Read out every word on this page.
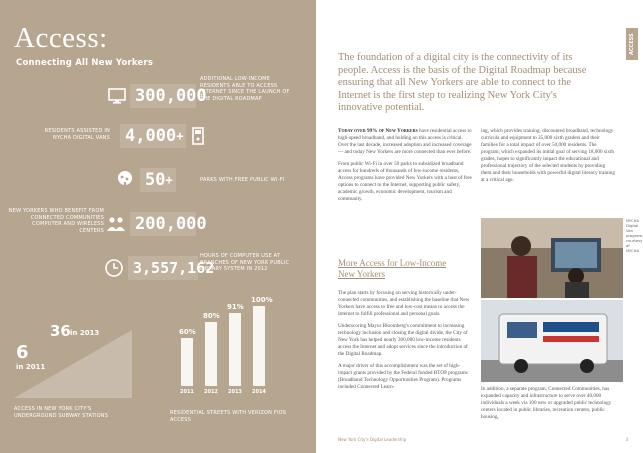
Access:
Connecting All New Yorkers
ADDITIONAL LOW-INCOME RESIDENTS ABLE TO ACCESS INTERNET SINCE THE LAUNCH OF THE DIGITAL ROADMAP
300,000
RESIDENTS ASSISTED IN NYCHA DIGITAL VANS 4,000+
50+	PARKS WITH FREE PUBLIC WI-FI
NEW YORKERS WHO BENEFIT FROM CONNECTED COMMUNITIES COMPUTER AND WIRELESS CENTERS 200,000
3,557,162
HOURS OF COMPUTER USE AT BRANCHES OF NEW YORK PUBLIC LIBRARY SYSTEM IN 2012
36 in 2013
6
in 2011
ACCESS IN NEW YORK CITY'S UNDERGROUND SUBWAY STATIONS
60%
2011
80%
2012
91%
2013
100%
2014
RESIDENTIAL STREETS WITH VERIZON FIOS ACCESS
ACCESS
The foundation of a digital city is the connectivity of its people. Access is the basis of the Digital Roadmap because ensuring that all New Yorkers are able to connect to the Internet is the first step to realizing New York City's innovative potential.

Today over 99% of New Yorkers have residential access to high-speed broadband, and holding on this access is critical. Over the last decade, increased adoption and increased coverage — and today New Yorkers are more connected than ever before.

From public Wi-Fi in over 50 parks to subsidized broadband access for hundreds of thousands of low-income residents, Access programs have provided New Yorkers with a host of free options to connect to the Internet, supporting public safety, academic growth, economic development, tourism and community.

ing, which provides training, discounted broadband, technology curricula and equipment to 35,000 sixth graders and their families for a total impact of over 50,000 residents. The program, which expanded its initial goal of serving 18,000 sixth grades, hopes to significantly impact the educational and professional trajectory of the selected students by providing them and their households with powerful digital literacy training at a critical age.

More Access for Low-Income New Yorkers

The plan starts by focusing on serving historically under-connected communities, and establishing the baseline that New Yorkers have access to free and low-cost means to access the Internet to fulfill professional and personal goals.

Underscoring Mayor Bloomberg's commitment to increasing technology inclusion and closing the digital divide, the City of New York has helped nearly 300,000 low-income residents access the Internet and adopt services since the introduction of the Digital Roadmap.

A major driver of this accomplishment was the set of high-impact grants provided by the Federal funded BTOP programs (Broadband Technology Opportunities Program). Programs included Connected Learn-

NYCHA Digital Van program, courtesy of NYCHA

In addition, a separate program, Connected Communities, has expanded capacity and infrastructure to serve over 40,000 individuals a week via 100 new or upgraded public technology centers located in public libraries, recreation centers, public housing,

New York City's Digital Leadership	3
